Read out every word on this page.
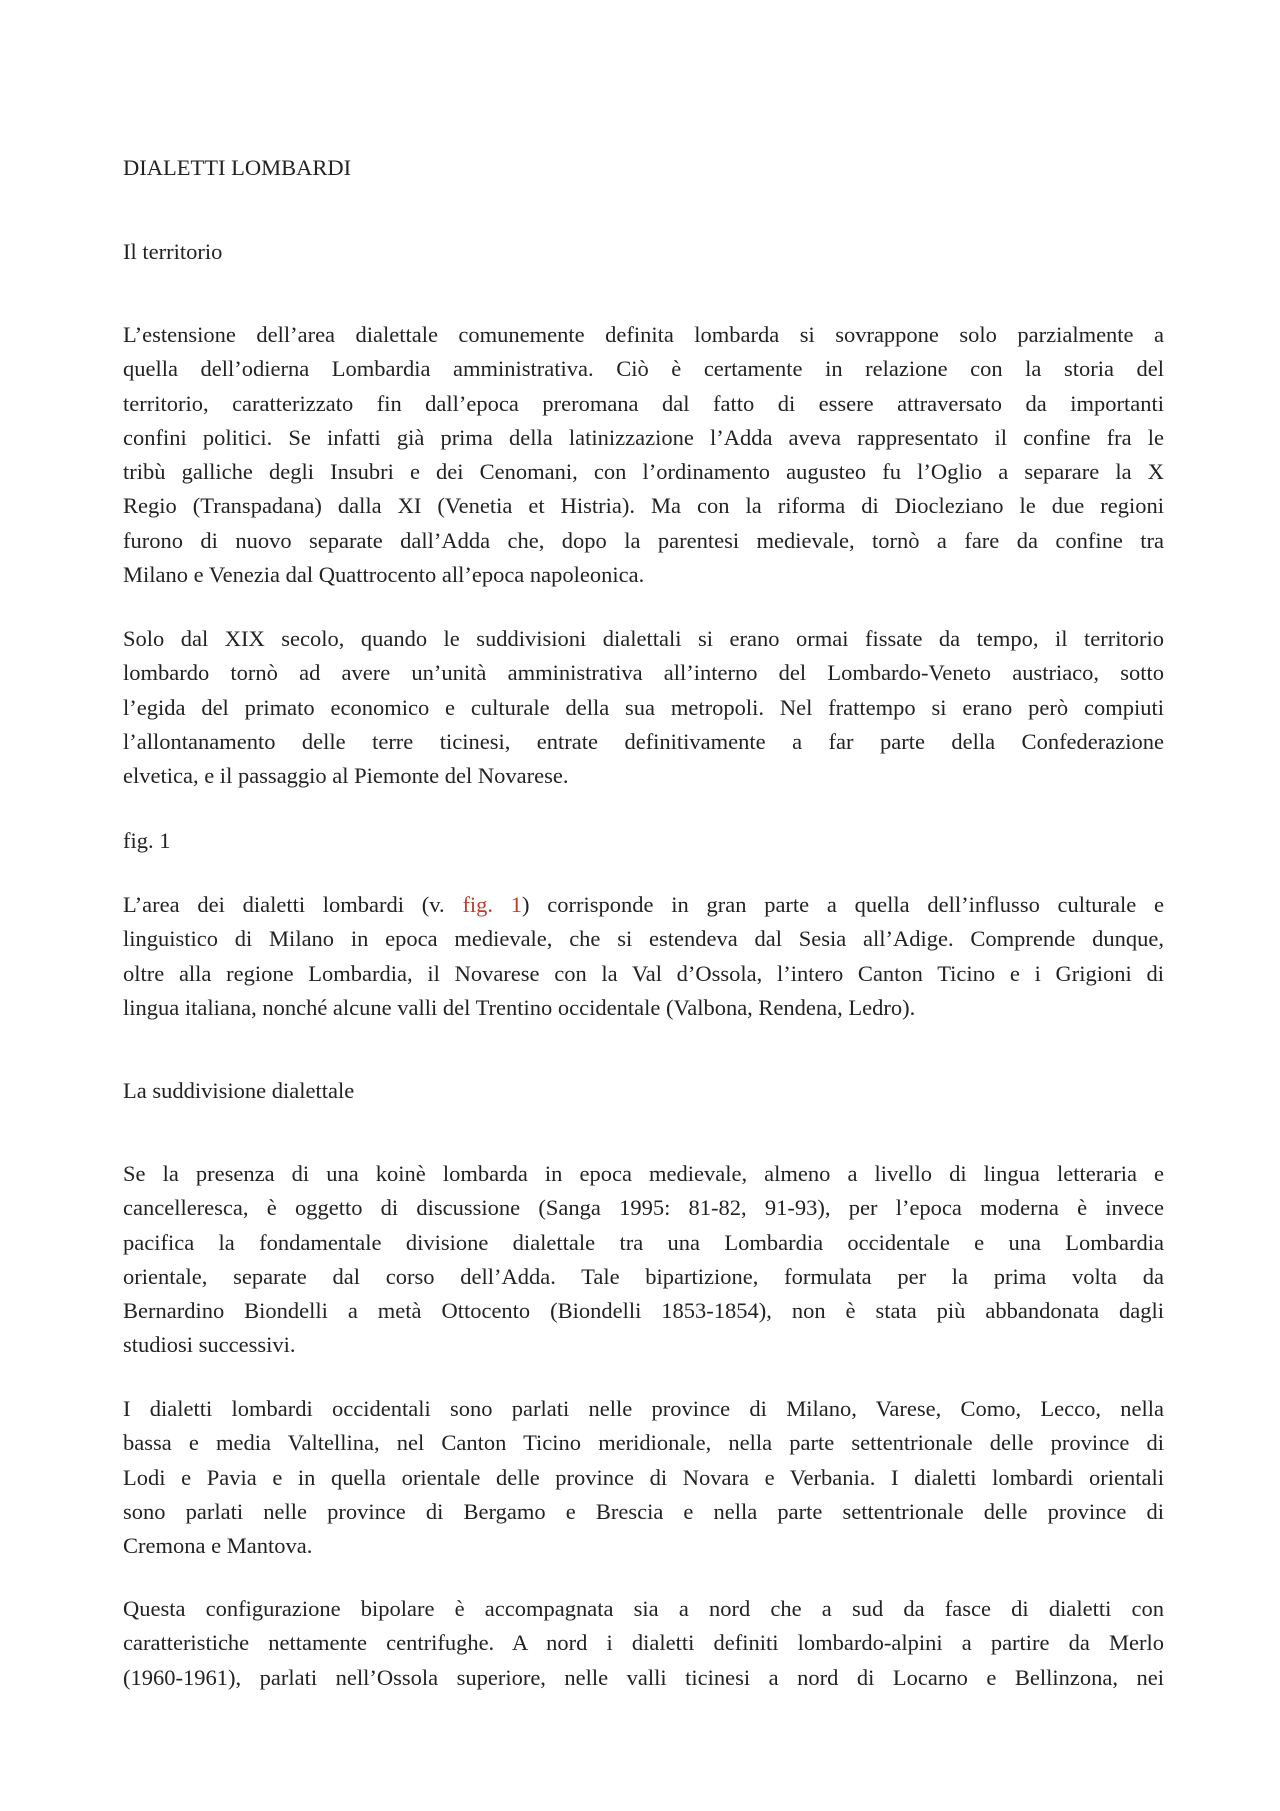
DIALETTI LOMBARDI

Il territorio

L’estensione dell’area dialettale comunemente definita lombarda si sovrappone solo parzialmente a

quella dell’odierna Lombardia amministrativa. Ciò è certamente in relazione con la storia del

territorio, caratterizzato fin dall’epoca preromana dal fatto di essere attraversato da importanti

confini politici. Se infatti già prima della latinizzazione l’Adda aveva rappresentato il confine fra le

tribù galliche degli Insubri e dei Cenomani, con l’ordinamento augusteo fu l’Oglio a separare la X

Regio (Transpadana) dalla XI (Venetia et Histria). Ma con la riforma di Diocleziano le due regioni

furono di nuovo separate dall’Adda che, dopo la parentesi medievale, tornò a fare da confine tra

Milano e Venezia dal Quattrocento all’epoca napoleonica.

Solo dal XIX secolo, quando le suddivisioni dialettali si erano ormai fissate da tempo, il territorio

lombardo tornò ad avere un’unità amministrativa all’interno del Lombardo-Veneto austriaco, sotto

l’egida del primato economico e culturale della sua metropoli. Nel frattempo si erano però compiuti

l’allontanamento delle terre ticinesi, entrate definitivamente a far parte della Confederazione

elvetica, e il passaggio al Piemonte del Novarese.

fig. 1

L’area dei dialetti lombardi (v. fig. 1) corrisponde in gran parte a quella dell’influsso culturale e

linguistico di Milano in epoca medievale, che si estendeva dal Sesia all’Adige. Comprende dunque,

oltre alla regione Lombardia, il Novarese con la Val d’Ossola, l’intero Canton Ticino e i Grigioni di

lingua italiana, nonché alcune valli del Trentino occidentale (Valbona, Rendena, Ledro).

La suddivisione dialettale

Se la presenza di una koinè lombarda in epoca medievale, almeno a livello di lingua letteraria e

cancelleresca, è oggetto di discussione (Sanga 1995: 81-82, 91-93), per l’epoca moderna è invece

pacifica la fondamentale divisione dialettale tra una Lombardia occidentale e una Lombardia

orientale, separate dal corso dell’Adda. Tale bipartizione, formulata per la prima volta da

Bernardino Biondelli a metà Ottocento (Biondelli 1853-1854), non è stata più abbandonata dagli

studiosi successivi.

I dialetti lombardi occidentali sono parlati nelle province di Milano, Varese, Como, Lecco, nella

bassa e media Valtellina, nel Canton Ticino meridionale, nella parte settentrionale delle province di

Lodi e Pavia e in quella orientale delle province di Novara e Verbania. I dialetti lombardi orientali

sono parlati nelle province di Bergamo e Brescia e nella parte settentrionale delle province di

Cremona e Mantova.

Questa configurazione bipolare è accompagnata sia a nord che a sud da fasce di dialetti con

caratteristiche nettamente centrifughe. A nord i dialetti definiti lombardo-alpini a partire da Merlo

(1960-1961), parlati nell’Ossola superiore, nelle valli ticinesi a nord di Locarno e Bellinzona, nei
